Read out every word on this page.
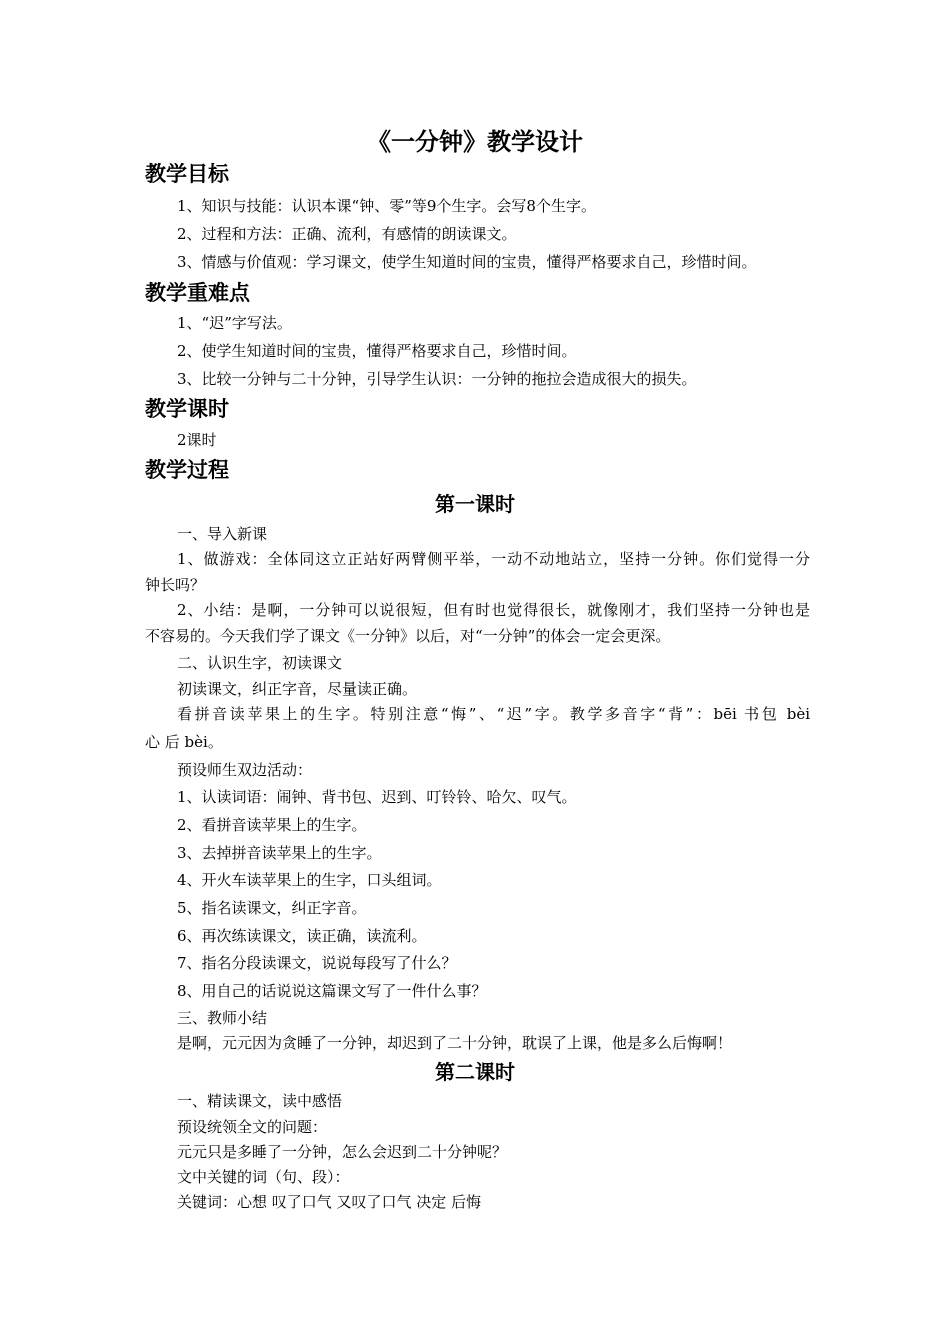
《一分钟》教学设计
教学目标
1、知识与技能：认识本课“钟、零”等9个生字。会写8个生字。
2、过程和方法：正确、流利，有感情的朗读课文。
3、情感与价值观：学习课文，使学生知道时间的宝贵，懂得严格要求自己，珍惜时间。
教学重难点
1、“迟”字写法。
2、使学生知道时间的宝贵，懂得严格要求自己，珍惜时间。
3、比较一分钟与二十分钟，引导学生认识：一分钟的拖拉会造成很大的损失。
教学课时
2课时
教学过程
第一课时
一、导入新课
1、做游戏：全体同这立正站好两臂侧平举，一动不动地站立，坚持一分钟。你们觉得一分
钟长吗？
2、小结：是啊，一分钟可以说很短，但有时也觉得很长，就像刚才，我们坚持一分钟也是
不容易的。今天我们学了课文《一分钟》以后，对“一分钟”的体会一定会更深。
二、认识生字，初读课文
初读课文，纠正字音，尽量读正确。
看拼音读苹果上的生字。特别注意“悔”、“迟”字。教学多音字“背”：bēi 书包 bèi
心 后 bèi。
预设师生双边活动：
1、认读词语：闹钟、背书包、迟到、叮铃铃、哈欠、叹气。
2、看拼音读苹果上的生字。
3、去掉拼音读苹果上的生字。
4、开火车读苹果上的生字，口头组词。
5、指名读课文，纠正字音。
6、再次练读课文，读正确，读流利。
7、指名分段读课文，说说每段写了什么？
8、用自己的话说说这篇课文写了一件什么事？
三、教师小结
是啊，元元因为贪睡了一分钟，却迟到了二十分钟，耽误了上课，他是多么后悔啊！
第二课时
一、精读课文，读中感悟
预设统领全文的问题：
元元只是多睡了一分钟，怎么会迟到二十分钟呢？
文中关键的词（句、段）：
关键词：心想 叹了口气 又叹了口气 决定 后悔
